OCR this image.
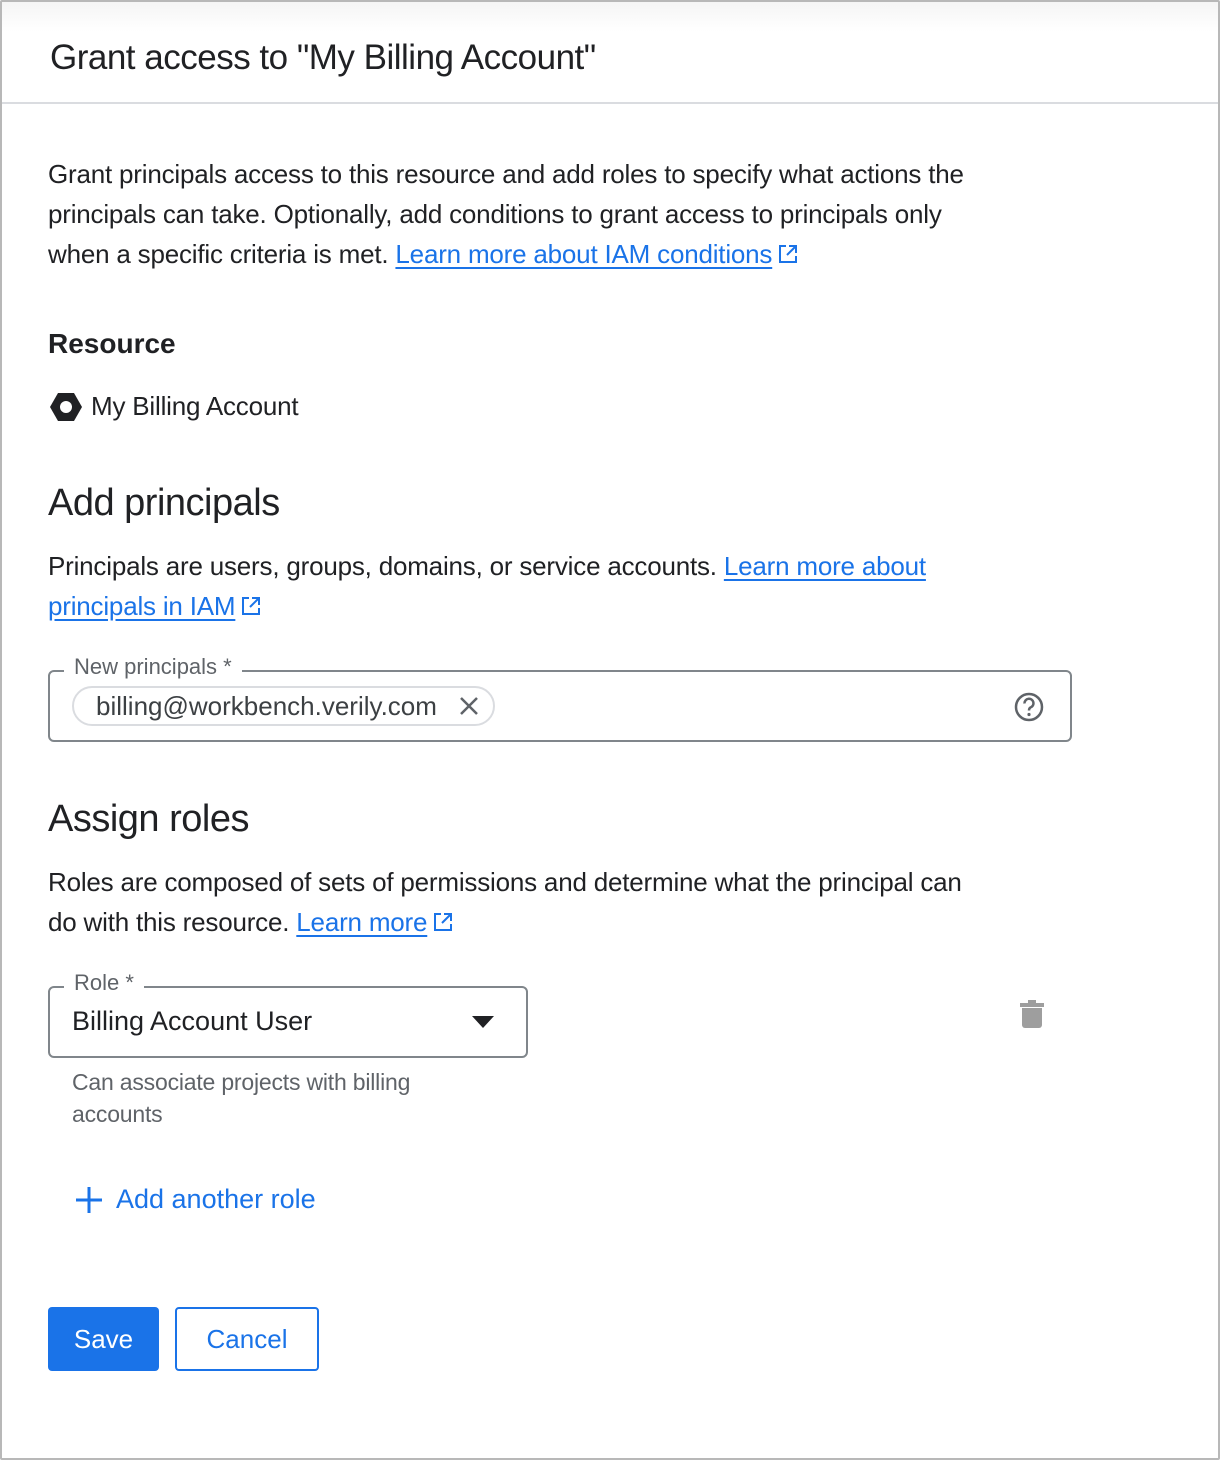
Grant access to "My Billing Account"
Grant principals access to this resource and add roles to specify what actions the
principals can take. Optionally, add conditions to grant access to principals only
when a specific criteria is met. Learn more about IAM conditions
Resource
My Billing Account
Add principals
Principals are users, groups, domains, or service accounts. Learn more about
principals in IAM
New principals *
billing@workbench.verily.com
Assign roles
Roles are composed of sets of permissions and determine what the principal can
do with this resource. Learn more
Role *
Billing Account User
Can associate projects with billing
accounts
Add another role
Save	Cancel
